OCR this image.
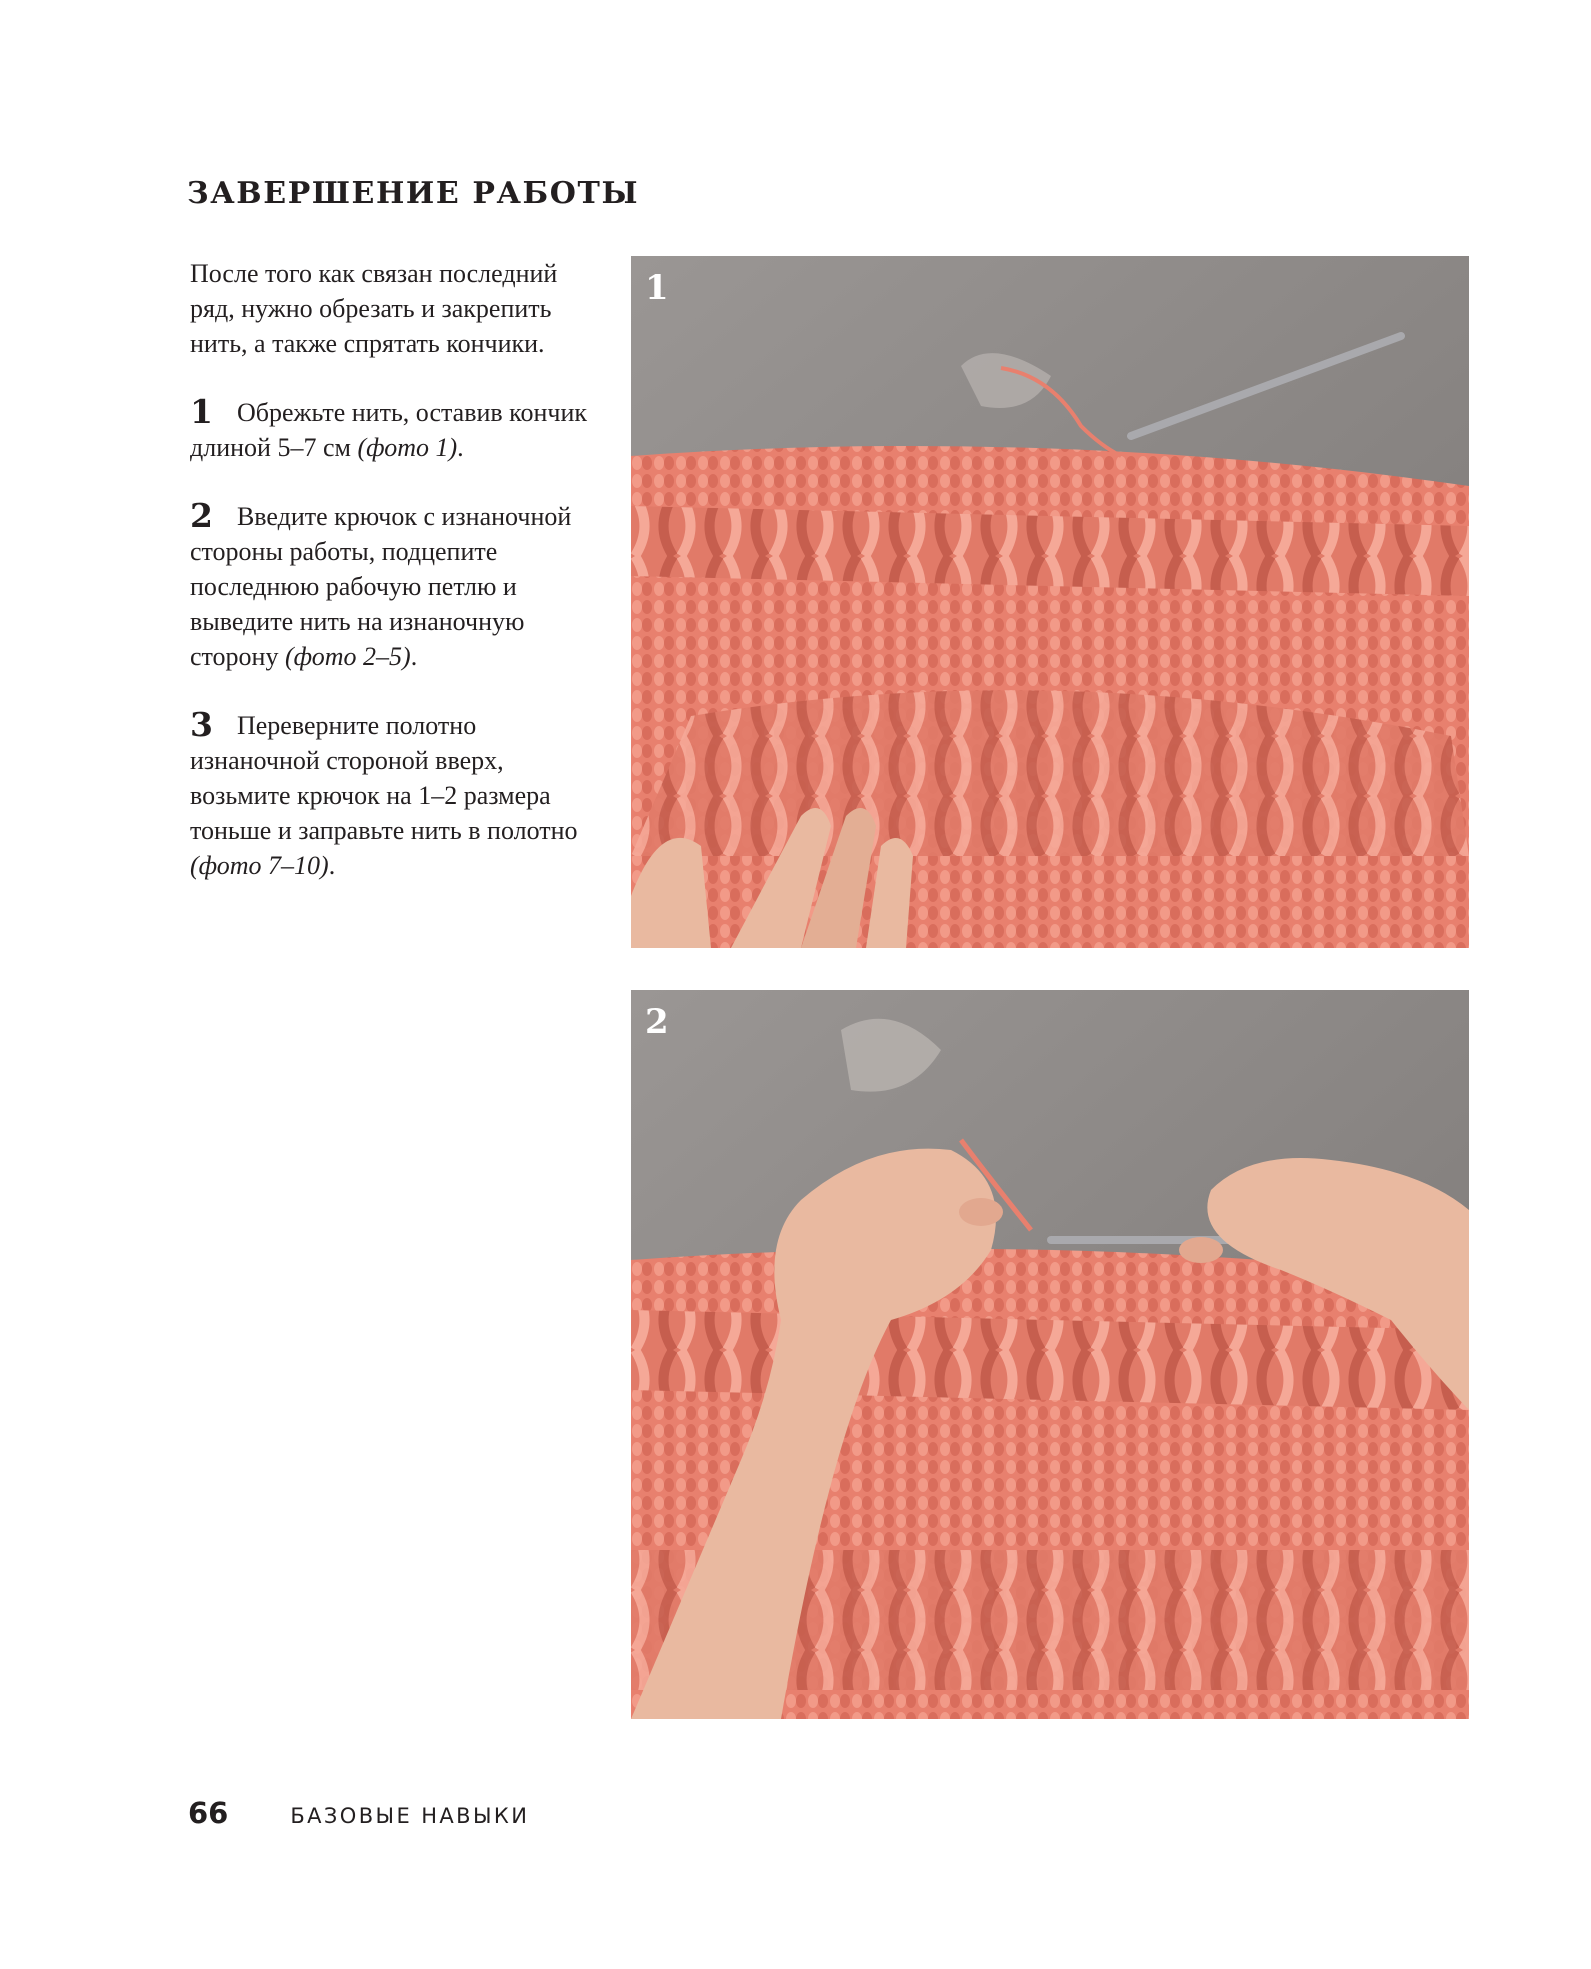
ЗАВЕРШЕНИЕ РАБОТЫ

После того как связан последний ряд, нужно обрезать и закрепить нить, а также спрятать кончики.

1 Обрежьте нить, оставив кончик длиной 5–7 см (фото 1).

2 Введите крючок с изнаночной стороны работы, подцепите последнюю рабочую петлю и выведите нить на изнаночную сторону (фото 2–5).

3 Переверните полотно изнаночной стороной вверх, возьмите крючок на 1–2 размера тоньше и заправьте нить в полотно (фото 7–10).

1
2
66	БАЗОВЫЕ НАВЫКИ
